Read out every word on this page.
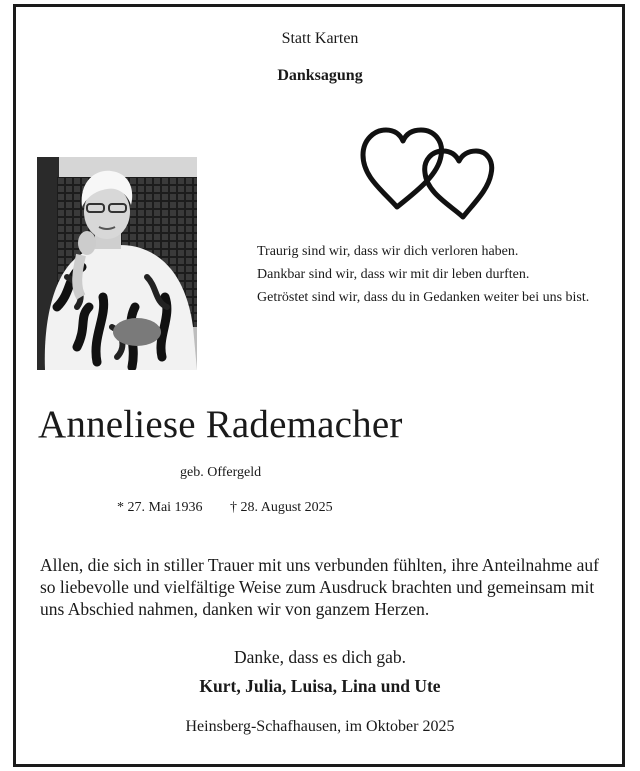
Statt Karten
Danksagung
Traurig sind wir, dass wir dich verloren haben.
Dankbar sind wir, dass wir mit dir leben durften.
Getröstet sind wir, dass du in Gedanken weiter bei uns bist.
Anneliese Rademacher
geb. Offergeld
* 27. Mai 1936 † 28. August 2025
Allen, die sich in stiller Trauer mit uns verbunden fühlten, ihre Anteilnahme auf
so liebevolle und vielfältige Weise zum Ausdruck brachten und gemeinsam mit
uns Abschied nahmen, danken wir von ganzem Herzen.
Danke, dass es dich gab.
Kurt, Julia, Luisa, Lina und Ute
Heinsberg-Schafhausen, im Oktober 2025
